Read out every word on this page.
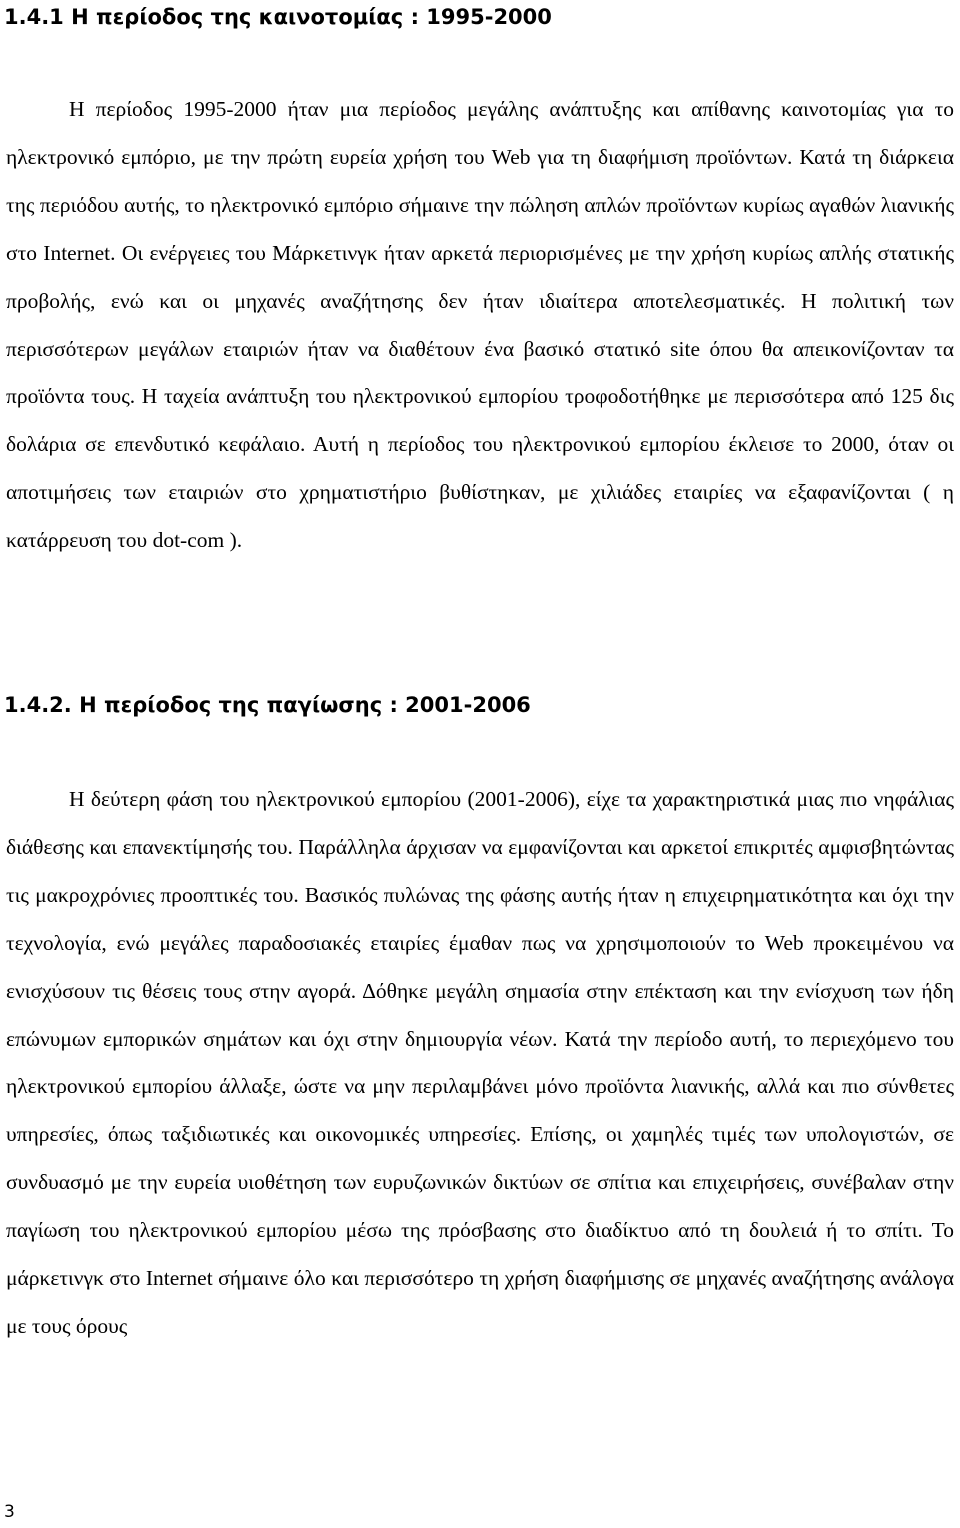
1.4.1 Η περίοδος της καινοτομίας : 1995-2000

Η περίοδος 1995-2000 ήταν μια περίοδος μεγάλης ανάπτυξης και απίθανης καινοτομίας για το ηλεκτρονικό εμπόριο, με την πρώτη ευρεία χρήση του Web για τη διαφήμιση προϊόντων. Κατά τη διάρκεια της περιόδου αυτής, το ηλεκτρονικό εμπόριο σήμαινε την πώληση απλών προϊόντων κυρίως αγαθών λιανικής στο Internet. Οι ενέργειες του Μάρκετινγκ ήταν αρκετά περιορισμένες με την χρήση κυρίως απλής στατικής προβολής, ενώ και οι μηχανές αναζήτησης δεν ήταν ιδιαίτερα αποτελεσματικές. Η πολιτική των περισσότερων μεγάλων εταιριών ήταν να διαθέτουν ένα βασικό στατικό site όπου θα απεικονίζονταν τα προϊόντα τους. Η ταχεία ανάπτυξη του ηλεκτρονικού εμπορίου τροφοδοτήθηκε με περισσότερα από 125 δις δολάρια σε επενδυτικό κεφάλαιο. Αυτή η περίοδος του ηλεκτρονικού εμπορίου έκλεισε το 2000, όταν οι αποτιμήσεις των εταιριών στο χρηματιστήριο βυθίστηκαν, με χιλιάδες εταιρίες να εξαφανίζονται ( η κατάρρευση του dot-com ).

1.4.2. Η περίοδος της παγίωσης : 2001-2006

Η δεύτερη φάση του ηλεκτρονικού εμπορίου (2001-2006), είχε τα χαρακτηριστικά μιας πιο νηφάλιας διάθεσης και επανεκτίμησής του. Παράλληλα άρχισαν να εμφανίζονται και αρκετοί επικριτές αμφισβητώντας τις μακροχρόνιες προοπτικές του. Βασικός πυλώνας της φάσης αυτής ήταν η επιχειρηματικότητα και όχι την τεχνολογία, ενώ μεγάλες παραδοσιακές εταιρίες έμαθαν πως να χρησιμοποιούν το Web προκειμένου να ενισχύσουν τις θέσεις τους στην αγορά. Δόθηκε μεγάλη σημασία στην επέκταση και την ενίσχυση των ήδη επώνυμων εμπορικών σημάτων και όχι στην δημιουργία νέων. Κατά την περίοδο αυτή, το περιεχόμενο του ηλεκτρονικού εμπορίου άλλαξε, ώστε να μην περιλαμβάνει μόνο προϊόντα λιανικής, αλλά και πιο σύνθετες υπηρεσίες, όπως ταξιδιωτικές και οικονομικές υπηρεσίες. Επίσης, οι χαμηλές τιμές των υπολογιστών, σε συνδυασμό με την ευρεία υιοθέτηση των ευρυζωνικών δικτύων σε σπίτια και επιχειρήσεις, συνέβαλαν στην παγίωση του ηλεκτρονικού εμπορίου μέσω της πρόσβασης στο διαδίκτυο από τη δουλειά ή το σπίτι. Το μάρκετινγκ στο Internet σήμαινε όλο και περισσότερο τη χρήση διαφήμισης σε μηχανές αναζήτησης ανάλογα με τους όρους

3
